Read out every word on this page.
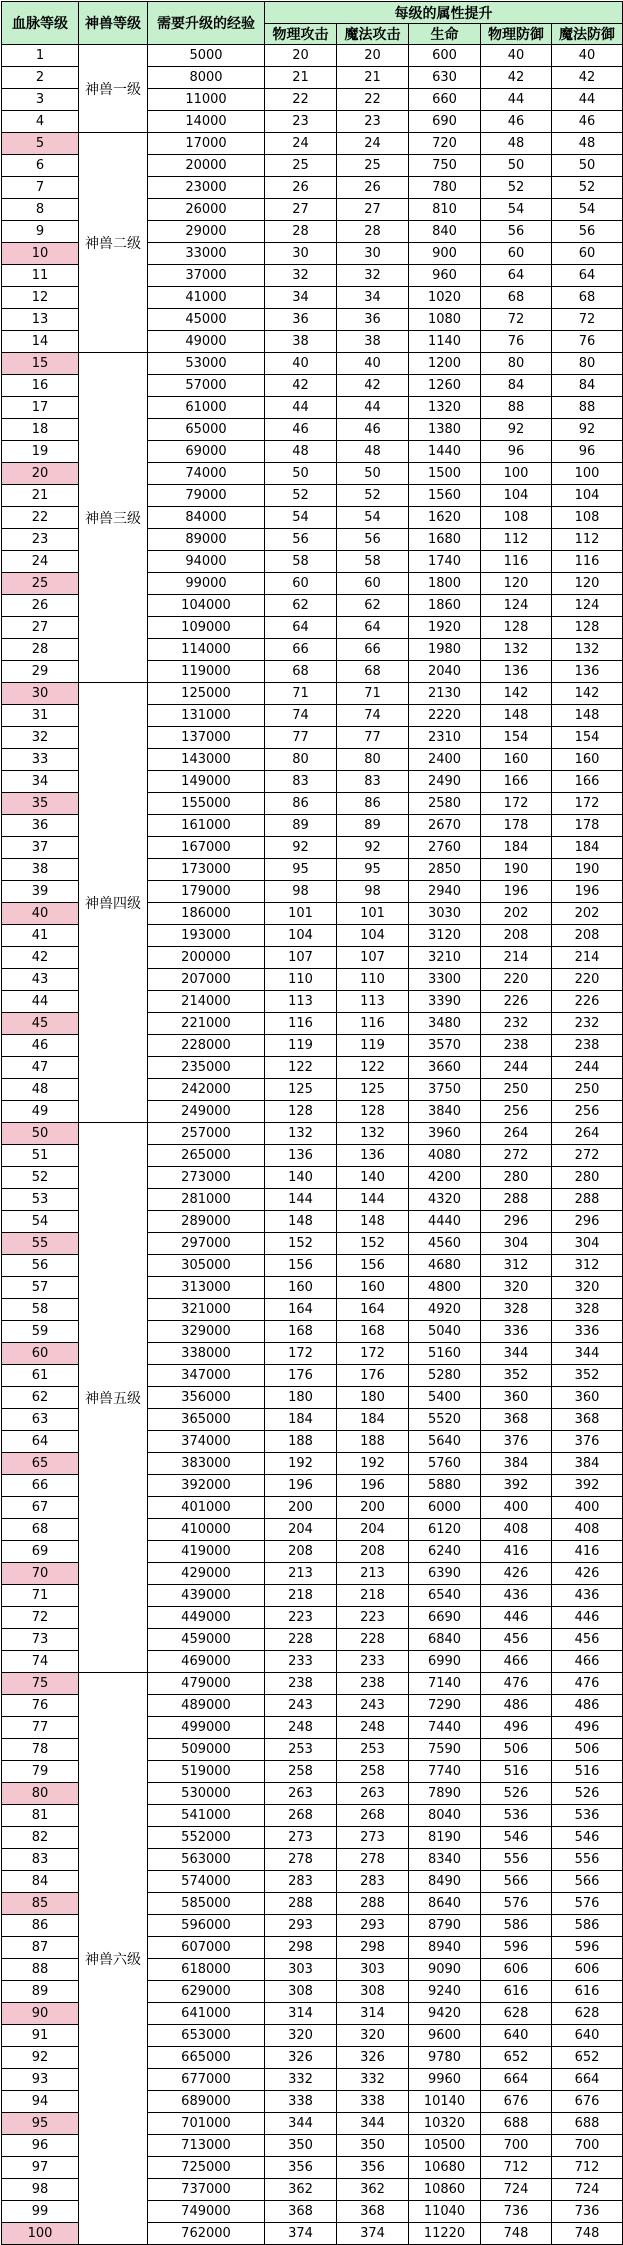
血脉等级	神兽等级	需要升级的经验	每级的属性提升				
			物理攻击	魔法攻击	生命	物理防御	魔法防御
1	神兽一级	5000	20	20	600	40	40
2		8000	21	21	630	42	42
3		11000	22	22	660	44	44
4		14000	23	23	690	46	46
5	神兽二级	17000	24	24	720	48	48
6		20000	25	25	750	50	50
7		23000	26	26	780	52	52
8		26000	27	27	810	54	54
9		29000	28	28	840	56	56
10		33000	30	30	900	60	60
11		37000	32	32	960	64	64
12		41000	34	34	1020	68	68
13		45000	36	36	1080	72	72
14		49000	38	38	1140	76	76
15	神兽三级	53000	40	40	1200	80	80
16		57000	42	42	1260	84	84
17		61000	44	44	1320	88	88
18		65000	46	46	1380	92	92
19		69000	48	48	1440	96	96
20		74000	50	50	1500	100	100
21		79000	52	52	1560	104	104
22		84000	54	54	1620	108	108
23		89000	56	56	1680	112	112
24		94000	58	58	1740	116	116
25		99000	60	60	1800	120	120
26		104000	62	62	1860	124	124
27		109000	64	64	1920	128	128
28		114000	66	66	1980	132	132
29		119000	68	68	2040	136	136
30	神兽四级	125000	71	71	2130	142	142
31		131000	74	74	2220	148	148
32		137000	77	77	2310	154	154
33		143000	80	80	2400	160	160
34		149000	83	83	2490	166	166
35		155000	86	86	2580	172	172
36		161000	89	89	2670	178	178
37		167000	92	92	2760	184	184
38		173000	95	95	2850	190	190
39		179000	98	98	2940	196	196
40		186000	101	101	3030	202	202
41		193000	104	104	3120	208	208
42		200000	107	107	3210	214	214
43		207000	110	110	3300	220	220
44		214000	113	113	3390	226	226
45		221000	116	116	3480	232	232
46		228000	119	119	3570	238	238
47		235000	122	122	3660	244	244
48		242000	125	125	3750	250	250
49		249000	128	128	3840	256	256
50	神兽五级	257000	132	132	3960	264	264
51		265000	136	136	4080	272	272
52		273000	140	140	4200	280	280
53		281000	144	144	4320	288	288
54		289000	148	148	4440	296	296
55		297000	152	152	4560	304	304
56		305000	156	156	4680	312	312
57		313000	160	160	4800	320	320
58		321000	164	164	4920	328	328
59		329000	168	168	5040	336	336
60		338000	172	172	5160	344	344
61		347000	176	176	5280	352	352
62		356000	180	180	5400	360	360
63		365000	184	184	5520	368	368
64		374000	188	188	5640	376	376
65		383000	192	192	5760	384	384
66		392000	196	196	5880	392	392
67		401000	200	200	6000	400	400
68		410000	204	204	6120	408	408
69		419000	208	208	6240	416	416
70		429000	213	213	6390	426	426
71		439000	218	218	6540	436	436
72		449000	223	223	6690	446	446
73		459000	228	228	6840	456	456
74		469000	233	233	6990	466	466
75	神兽六级	479000	238	238	7140	476	476
76		489000	243	243	7290	486	486
77		499000	248	248	7440	496	496
78		509000	253	253	7590	506	506
79		519000	258	258	7740	516	516
80		530000	263	263	7890	526	526
81		541000	268	268	8040	536	536
82		552000	273	273	8190	546	546
83		563000	278	278	8340	556	556
84		574000	283	283	8490	566	566
85		585000	288	288	8640	576	576
86		596000	293	293	8790	586	586
87		607000	298	298	8940	596	596
88		618000	303	303	9090	606	606
89		629000	308	308	9240	616	616
90		641000	314	314	9420	628	628
91		653000	320	320	9600	640	640
92		665000	326	326	9780	652	652
93		677000	332	332	9960	664	664
94		689000	338	338	10140	676	676
95		701000	344	344	10320	688	688
96		713000	350	350	10500	700	700
97		725000	356	356	10680	712	712
98		737000	362	362	10860	724	724
99		749000	368	368	11040	736	736
100		762000	374	374	11220	748	748
